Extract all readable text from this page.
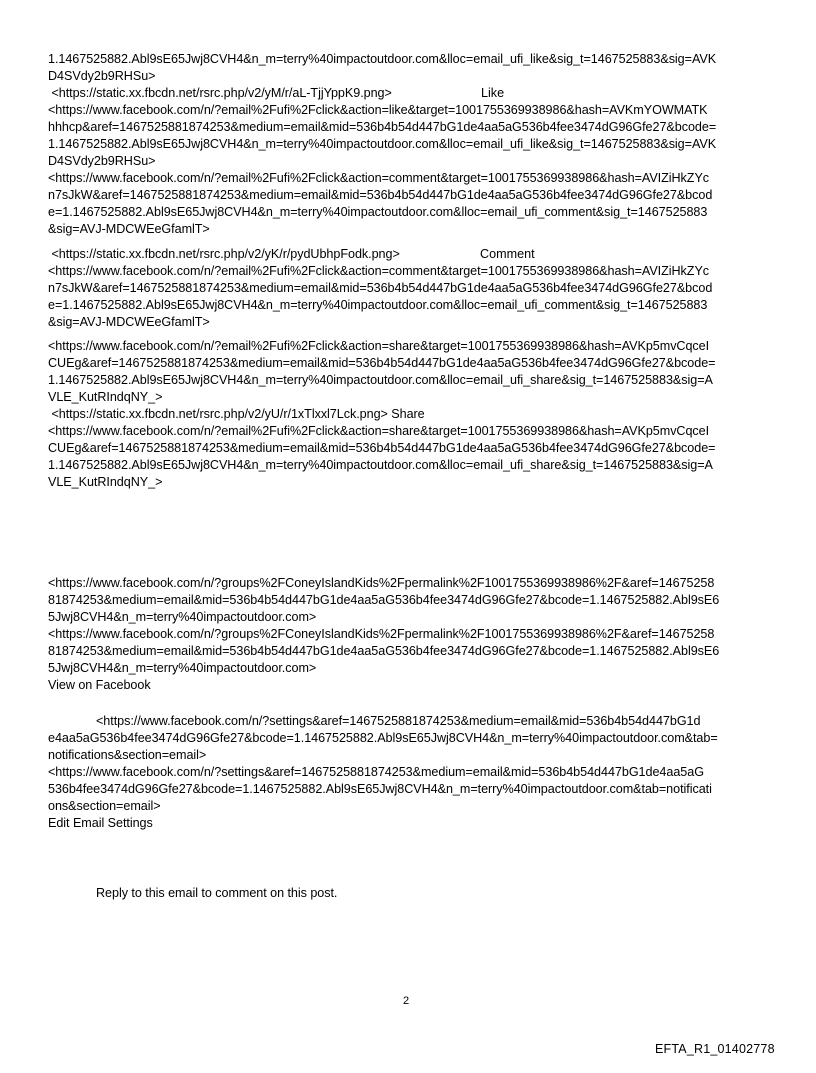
1.1467525882.Abl9sE65Jwj8CVH4&n_m=terry%40impactoutdoor.com&lloc=email_ufi_like&sig_t=1467525883&sig=AVK
D4SVdy2b9RHSu>
<https://static.xx.fbcdn.net/rsrc.php/v2/yM/r/aL-TjjYppK9.png>	Like
<https://www.facebook.com/n/?email%2Fufi%2Fclick&action=like&target=1001755369938986&hash=AVKmYOWMATK
hhhcp&aref=1467525881874253&medium=email&mid=536b4b54d447bG1de4aa5aG536b4fee3474dG96Gfe27&bcode=
1.1467525882.Abl9sE65Jwj8CVH4&n_m=terry%40impactoutdoor.com&lloc=email_ufi_like&sig_t=1467525883&sig=AVK
D4SVdy2b9RHSu>
<https://www.facebook.com/n/?email%2Fufi%2Fclick&action=comment&target=1001755369938986&hash=AVIZiHkZYc
n7sJkW&aref=1467525881874253&medium=email&mid=536b4b54d447bG1de4aa5aG536b4fee3474dG96Gfe27&bcod
e=1.1467525882.Abl9sE65Jwj8CVH4&n_m=terry%40impactoutdoor.com&lloc=email_ufi_comment&sig_t=1467525883
&sig=AVJ-MDCWEeGfamlT>
<https://static.xx.fbcdn.net/rsrc.php/v2/yK/r/pydUbhpFodk.png>	Comment
<https://www.facebook.com/n/?email%2Fufi%2Fclick&action=comment&target=1001755369938986&hash=AVIZiHkZYc
n7sJkW&aref=1467525881874253&medium=email&mid=536b4b54d447bG1de4aa5aG536b4fee3474dG96Gfe27&bcod
e=1.1467525882.Abl9sE65Jwj8CVH4&n_m=terry%40impactoutdoor.com&lloc=email_ufi_comment&sig_t=1467525883
&sig=AVJ-MDCWEeGfamlT>
<https://www.facebook.com/n/?email%2Fufi%2Fclick&action=share&target=1001755369938986&hash=AVKp5mvCqceI
CUEg&aref=1467525881874253&medium=email&mid=536b4b54d447bG1de4aa5aG536b4fee3474dG96Gfe27&bcode=
1.1467525882.Abl9sE65Jwj8CVH4&n_m=terry%40impactoutdoor.com&lloc=email_ufi_share&sig_t=1467525883&sig=A
VLE_KutRIndqNY_>
<https://static.xx.fbcdn.net/rsrc.php/v2/yU/r/1xTlxxl7Lck.png> Share
<https://www.facebook.com/n/?email%2Fufi%2Fclick&action=share&target=1001755369938986&hash=AVKp5mvCqceI
CUEg&aref=1467525881874253&medium=email&mid=536b4b54d447bG1de4aa5aG536b4fee3474dG96Gfe27&bcode=
1.1467525882.Abl9sE65Jwj8CVH4&n_m=terry%40impactoutdoor.com&lloc=email_ufi_share&sig_t=1467525883&sig=A
VLE_KutRIndqNY_>
<https://www.facebook.com/n/?groups%2FConeyIslandKids%2Fpermalink%2F1001755369938986%2F&aref=14675258
81874253&medium=email&mid=536b4b54d447bG1de4aa5aG536b4fee3474dG96Gfe27&bcode=1.1467525882.Abl9sE6
5Jwj8CVH4&n_m=terry%40impactoutdoor.com>
<https://www.facebook.com/n/?groups%2FConeyIslandKids%2Fpermalink%2F1001755369938986%2F&aref=14675258
81874253&medium=email&mid=536b4b54d447bG1de4aa5aG536b4fee3474dG96Gfe27&bcode=1.1467525882.Abl9sE6
5Jwj8CVH4&n_m=terry%40impactoutdoor.com>
View on Facebook
<https://www.facebook.com/n/?settings&aref=1467525881874253&medium=email&mid=536b4b54d447bG1d
e4aa5aG536b4fee3474dG96Gfe27&bcode=1.1467525882.Abl9sE65Jwj8CVH4&n_m=terry%40impactoutdoor.com&tab=
notifications&section=email>
<https://www.facebook.com/n/?settings&aref=1467525881874253&medium=email&mid=536b4b54d447bG1de4aa5aG
536b4fee3474dG96Gfe27&bcode=1.1467525882.Abl9sE65Jwj8CVH4&n_m=terry%40impactoutdoor.com&tab=notificati
ons&section=email>
Edit Email Settings
Reply to this email to comment on this post.
2
EFTA_R1_01402778
